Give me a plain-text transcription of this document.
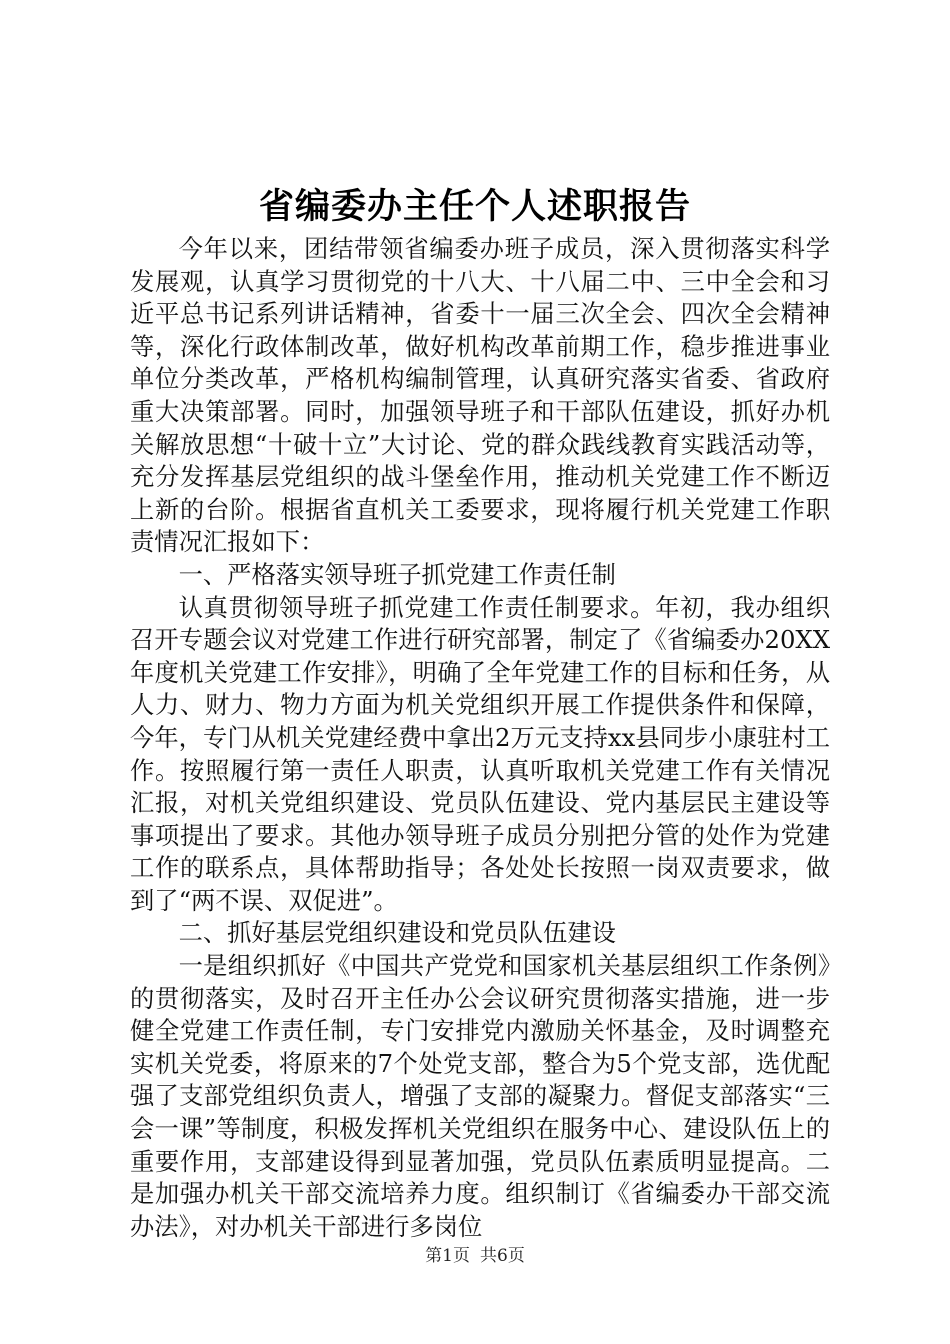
省编委办主任个人述职报告

今年以来，团结带领省编委办班子成员，深入贯彻落实科学发展观，认真学习贯彻党的十八大、十八届二中、三中全会和习近平总书记系列讲话精神，省委十一届三次全会、四次全会精神等，深化行政体制改革，做好机构改革前期工作，稳步推进事业单位分类改革，严格机构编制管理，认真研究落实省委、省政府重大决策部署。同时，加强领导班子和干部队伍建设，抓好办机关解放思想“十破十立”大讨论、党的群众践线教育实践活动等，充分发挥基层党组织的战斗堡垒作用，推动机关党建工作不断迈上新的台阶。根据省直机关工委要求，现将履行机关党建工作职责情况汇报如下：

一、严格落实领导班子抓党建工作责任制

认真贯彻领导班子抓党建工作责任制要求。年初，我办组织召开专题会议对党建工作进行研究部署，制定了《省编委办20XX年度机关党建工作安排》，明确了全年党建工作的目标和任务，从人力、财力、物力方面为机关党组织开展工作提供条件和保障，今年，专门从机关党建经费中拿出2万元支持xx县同步小康驻村工作。按照履行第一责任人职责，认真听取机关党建工作有关情况汇报，对机关党组织建设、党员队伍建设、党内基层民主建设等事项提出了要求。其他办领导班子成员分别把分管的处作为党建工作的联系点，具体帮助指导；各处处长按照一岗双责要求，做到了“两不误、双促进”。

二、抓好基层党组织建设和党员队伍建设

一是组织抓好《中国共产党党和国家机关基层组织工作条例》的贯彻落实，及时召开主任办公会议研究贯彻落实措施，进一步健全党建工作责任制，专门安排党内激励关怀基金，及时调整充实机关党委，将原来的7个处党支部，整合为5个党支部，选优配强了支部党组织负责人，增强了支部的凝聚力。督促支部落实“三会一课”等制度，积极发挥机关党组织在服务中心、建设队伍上的重要作用，支部建设得到显著加强，党员队伍素质明显提高。二是加强办机关干部交流培养力度。组织制订《省编委办干部交流办法》，对办机关干部进行多岗位

第1页 共6页
